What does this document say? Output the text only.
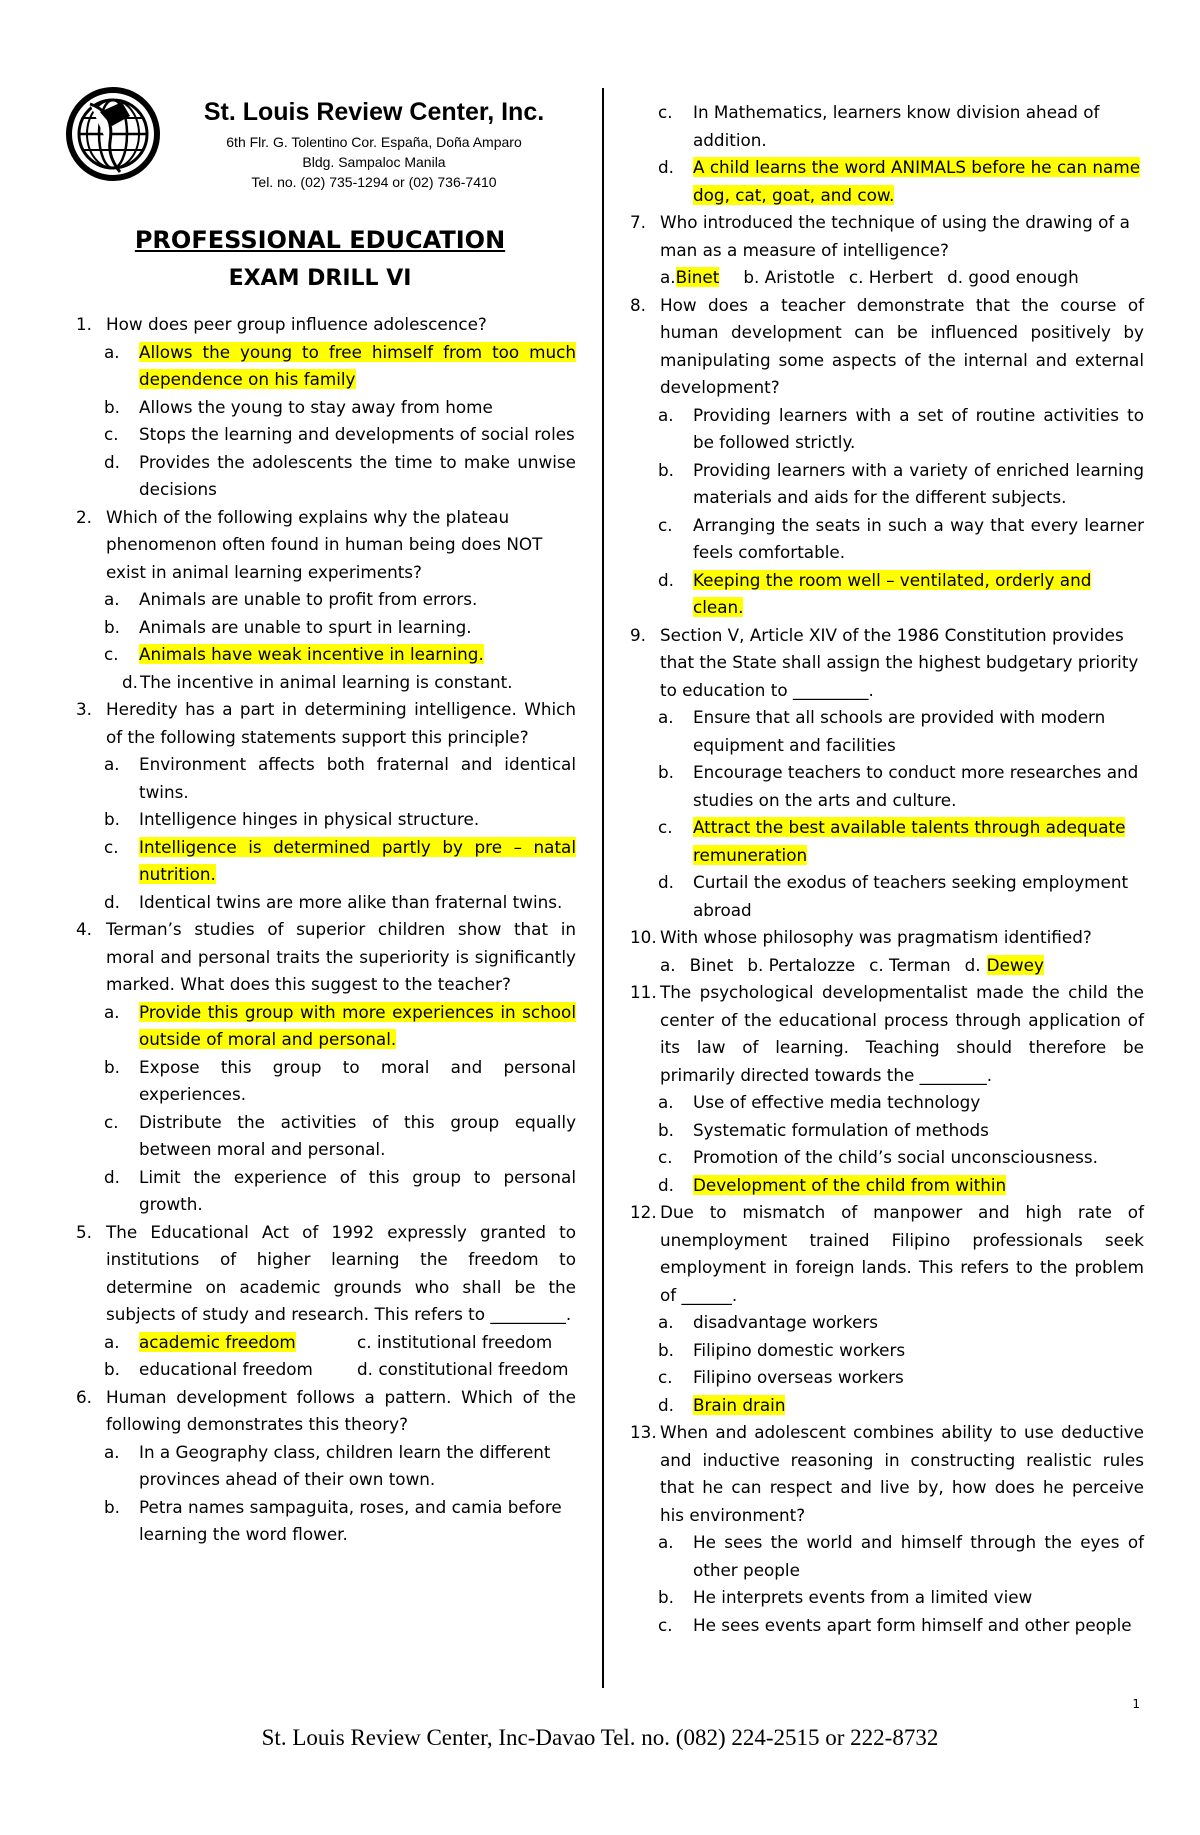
St. Louis Review Center, Inc.
6th Flr. G. Tolentino Cor. España, Doña Amparo
Bldg. Sampaloc Manila
Tel. no. (02) 735-1294 or (02) 736-7410
PROFESSIONAL EDUCATION
EXAM DRILL VI
1. How does peer group influence adolescence?
a.	Allows the young to free himself from too much dependence on his family
b.	Allows the young to stay away from home
c.	Stops the learning and developments of social roles
d.	Provides the adolescents the time to make unwise decisions
2. Which of the following explains why the plateau phenomenon often found in human being does NOT exist in animal learning experiments?
a.	Animals are unable to profit from errors.
b.	Animals are unable to spurt in learning.
c.	Animals have weak incentive in learning.
d. The incentive in animal learning is constant.
3. Heredity has a part in determining intelligence. Which of the following statements support this principle?
a.	Environment affects both fraternal and identical twins.
b.	Intelligence hinges in physical structure.
c.	Intelligence is determined partly by pre – natal nutrition.
d.	Identical twins are more alike than fraternal twins.
4. Terman’s studies of superior children show that in moral and personal traits the superiority is significantly marked. What does this suggest to the teacher?
a.	Provide this group with more experiences in school outside of moral and personal.
b.	Expose this group to moral and personal experiences.
c.	Distribute the activities of this group equally between moral and personal.
d.	Limit the experience of this group to personal growth.
5. The Educational Act of 1992 expressly granted to institutions of higher learning the freedom to determine on academic grounds who shall be the subjects of study and research. This refers to _________.
a.	academic freedom	c. institutional freedom
b.	educational freedom	d. constitutional freedom
6. Human development follows a pattern. Which of the following demonstrates this theory?
a.	In a Geography class, children learn the different provinces ahead of their own town.
b.	Petra names sampaguita, roses, and camia before learning the word flower.
c.	In Mathematics, learners know division ahead of addition.
d.	A child learns the word ANIMALS before he can name dog, cat, goat, and cow.
7. Who introduced the technique of using the drawing of a man as a measure of intelligence?
a. Binet	b. Aristotle c. Herbert d. good enough
8. How does a teacher demonstrate that the course of human development can be influenced positively by manipulating some aspects of the internal and external development?
a.	Providing learners with a set of routine activities to be followed strictly.
b.	Providing learners with a variety of enriched learning materials and aids for the different subjects.
c.	Arranging the seats in such a way that every learner feels comfortable.
d.	Keeping the room well – ventilated, orderly and clean.
9. Section V, Article XIV of the 1986 Constitution provides that the State shall assign the highest budgetary priority to education to _________.
a.	Ensure that all schools are provided with modern equipment and facilities
b.	Encourage teachers to conduct more researches and studies on the arts and culture.
c.	Attract the best available talents through adequate remuneration
d.	Curtail the exodus of teachers seeking employment abroad
10. With whose philosophy was pragmatism identified?
a. Binet b. Pertalozze c. Terman d. Dewey
11. The psychological developmentalist made the child the center of the educational process through application of its law of learning. Teaching should therefore be primarily directed towards the ________.
a.	Use of effective media technology
b.	Systematic formulation of methods
c.	Promotion of the child’s social unconsciousness.
d.	Development of the child from within
12. Due to mismatch of manpower and high rate of unemployment trained Filipino professionals seek employment in foreign lands. This refers to the problem of ______.
a.	disadvantage workers
b.	Filipino domestic workers
c.	Filipino overseas workers
d.	Brain drain
13. When and adolescent combines ability to use deductive and inductive reasoning in constructing realistic rules that he can respect and live by, how does he perceive his environment?
a.	He sees the world and himself through the eyes of other people
b.	He interprets events from a limited view
c.	He sees events apart form himself and other people
1
St. Louis Review Center, Inc-Davao Tel. no. (082) 224-2515 or 222-8732
